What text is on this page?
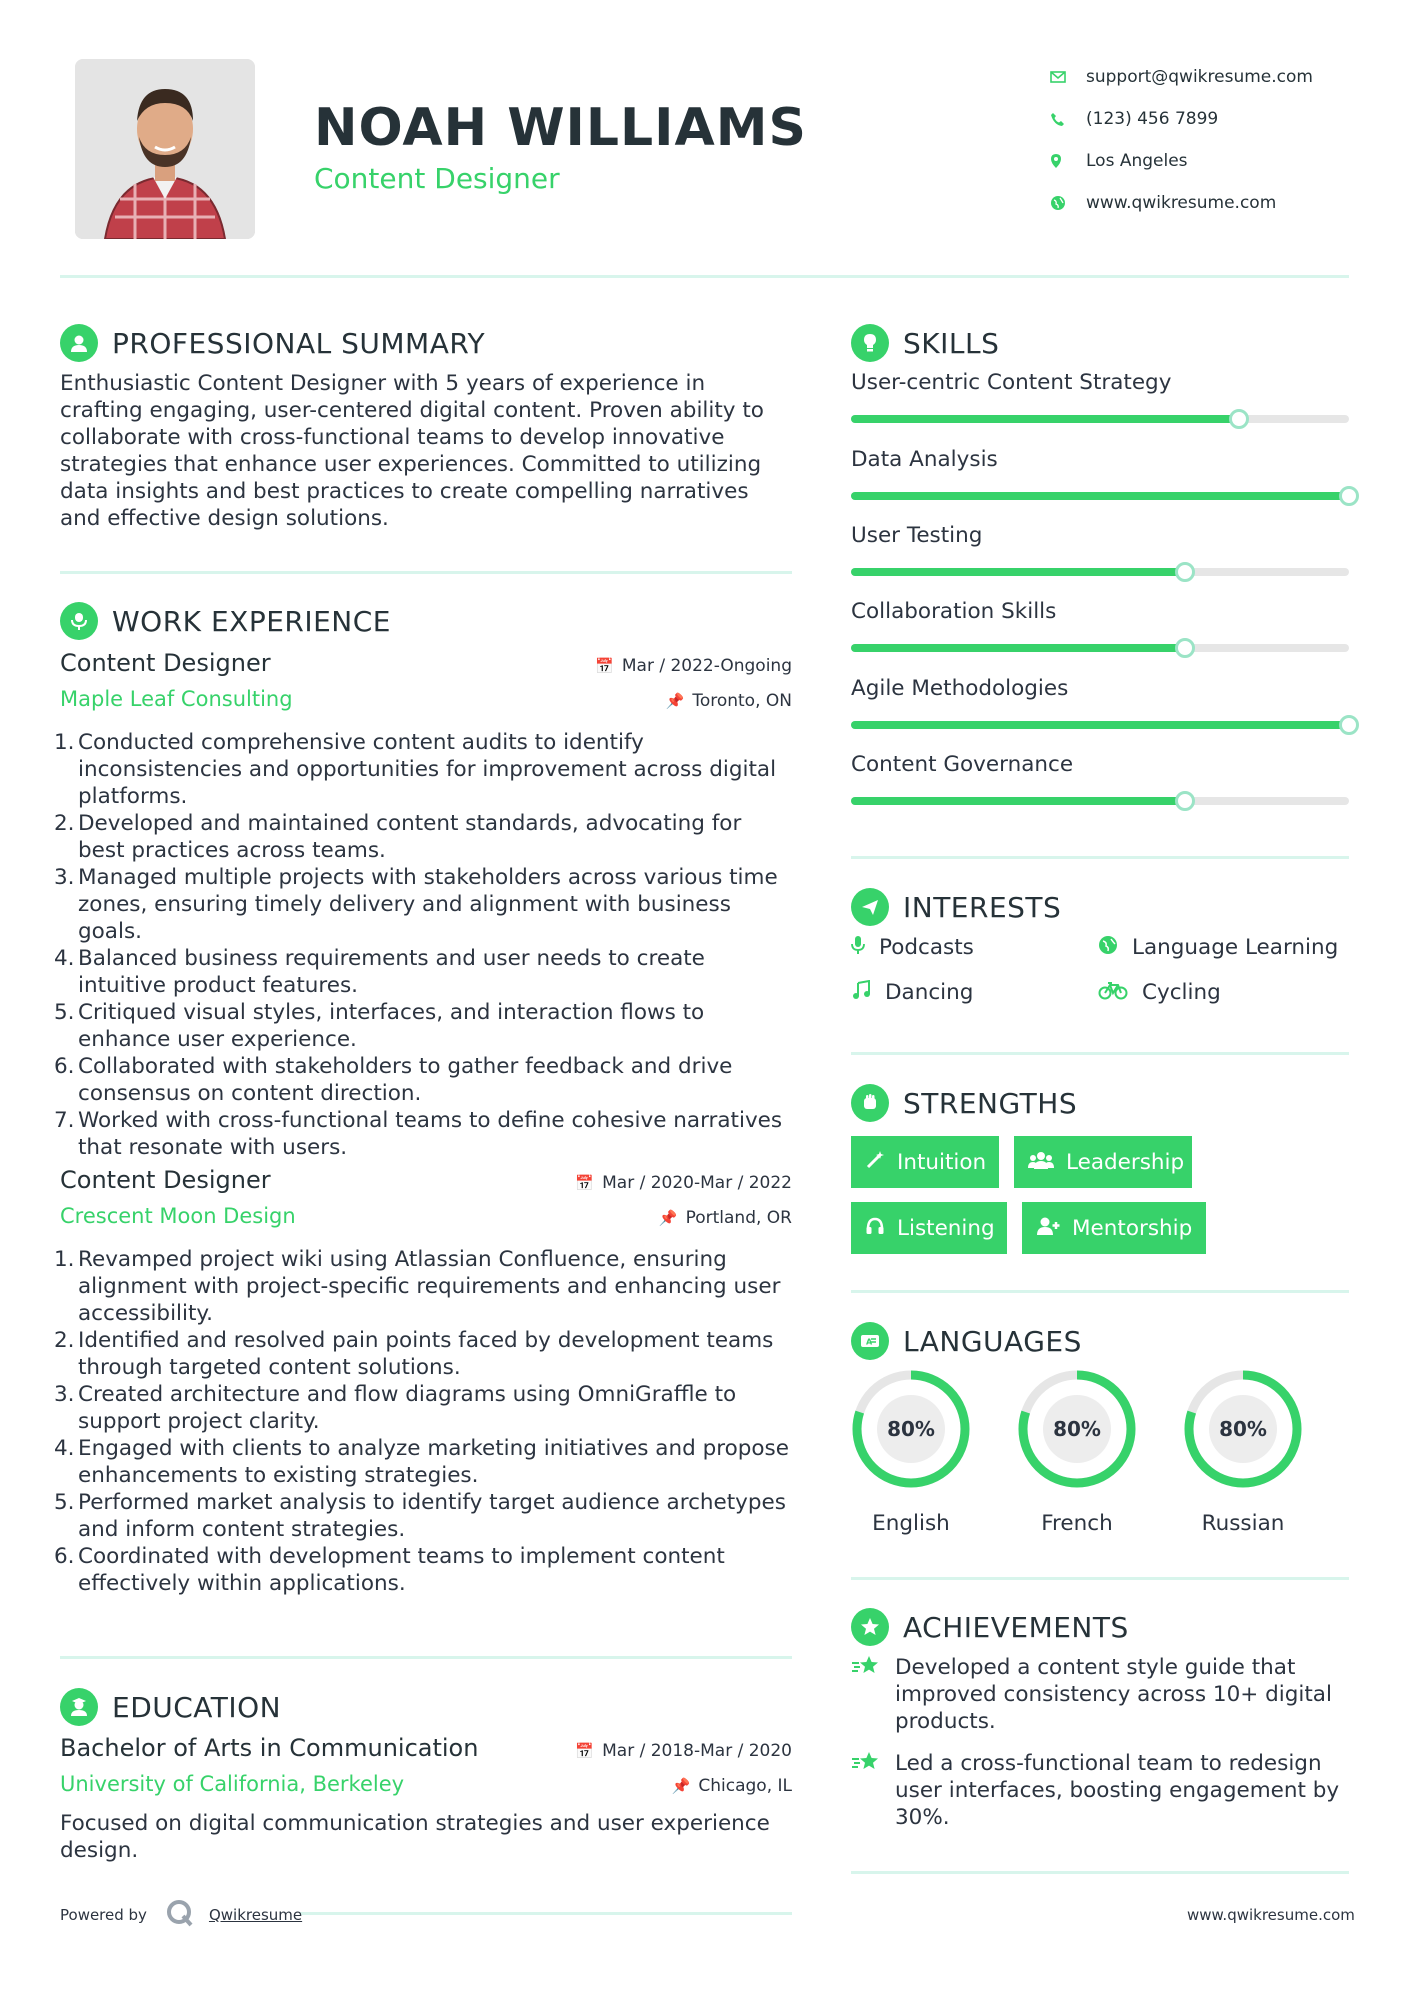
NOAH WILLIAMS
Content Designer
support@qwikresume.com
(123) 456 7899
Los Angeles
www.qwikresume.com
PROFESSIONAL SUMMARY
Enthusiastic Content Designer with 5 years of experience in crafting engaging, user-centered digital content. Proven ability to collaborate with cross-functional teams to develop innovative strategies that enhance user experiences. Committed to utilizing data insights and best practices to create compelling narratives and effective design solutions.
WORK EXPERIENCE
Content Designer	📅 Mar / 2022-Ongoing
Maple Leaf Consulting	📌 Toronto, ON
1. Conducted comprehensive content audits to identify inconsistencies and opportunities for improvement across digital platforms.
2. Developed and maintained content standards, advocating for best practices across teams.
3. Managed multiple projects with stakeholders across various time zones, ensuring timely delivery and alignment with business goals.
4. Balanced business requirements and user needs to create intuitive product features.
5. Critiqued visual styles, interfaces, and interaction flows to enhance user experience.
6. Collaborated with stakeholders to gather feedback and drive consensus on content direction.
7. Worked with cross-functional teams to define cohesive narratives that resonate with users.
Content Designer	📅 Mar / 2020-Mar / 2022
Crescent Moon Design	📌 Portland, OR
1. Revamped project wiki using Atlassian Confluence, ensuring alignment with project-specific requirements and enhancing user accessibility.
2. Identified and resolved pain points faced by development teams through targeted content solutions.
3. Created architecture and flow diagrams using OmniGraffle to support project clarity.
4. Engaged with clients to analyze marketing initiatives and propose enhancements to existing strategies.
5. Performed market analysis to identify target audience archetypes and inform content strategies.
6. Coordinated with development teams to implement content effectively within applications.
EDUCATION
Bachelor of Arts in Communication	📅 Mar / 2018-Mar / 2020
University of California, Berkeley	📌 Chicago, IL
Focused on digital communication strategies and user experience design.
SKILLS
User-centric Content Strategy
Data Analysis
User Testing
Collaboration Skills
Agile Methodologies
Content Governance
INTERESTS
Podcasts	Language Learning
Dancing	Cycling
STRENGTHS
Intuition	Leadership
Listening	Mentorship
A LANGUAGES
80%
English
80%
French
80%
Russian
ACHIEVEMENTS
Developed a content style guide that improved consistency across 10+ digital products.
Led a cross-functional team to redesign user interfaces, boosting engagement by 30%.
Powered by	Qwikresume	www.qwikresume.com
